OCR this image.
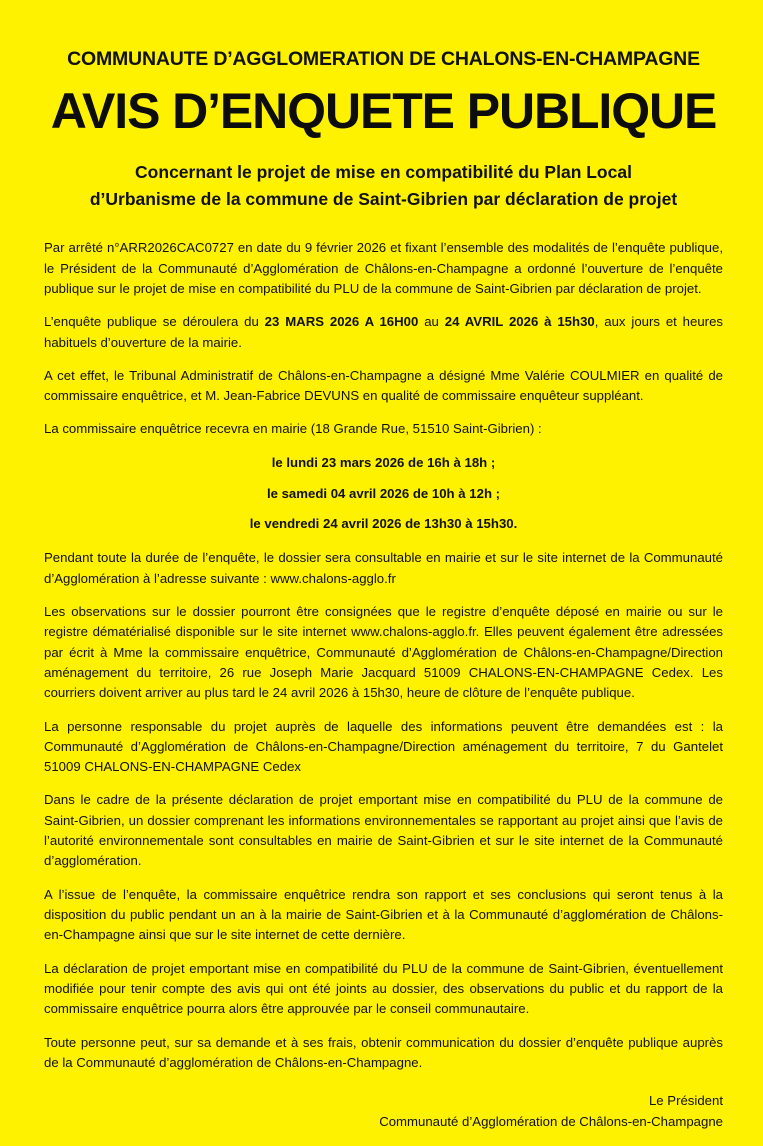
COMMUNAUTE D’AGGLOMERATION DE CHALONS-EN-CHAMPAGNE
AVIS D’ENQUETE PUBLIQUE
Concernant le projet de mise en compatibilité du Plan Local
d’Urbanisme de la commune de Saint-Gibrien par déclaration de projet

Par arrêté n°ARR2026CAC0727 en date du 9 février 2026 et fixant l’ensemble des modalités de l’enquête publique, le Président de la Communauté d’Agglomération de Châlons-en-Champagne a ordonné l’ouverture de l’enquête publique sur le projet de mise en compatibilité du PLU de la commune de Saint-Gibrien par déclaration de projet.

L’enquête publique se déroulera du 23 MARS 2026 A 16H00 au 24 AVRIL 2026 à 15h30, aux jours et heures habituels d’ouverture de la mairie.

A cet effet, le Tribunal Administratif de Châlons-en-Champagne a désigné Mme Valérie COULMIER en qualité de commissaire enquêtrice, et M. Jean-Fabrice DEVUNS en qualité de commissaire enquêteur suppléant.

La commissaire enquêtrice recevra en mairie (18 Grande Rue, 51510 Saint-Gibrien) :

le lundi 23 mars 2026 de 16h à 18h ;
le samedi 04 avril 2026 de 10h à 12h ;
le vendredi 24 avril 2026 de 13h30 à 15h30.

Pendant toute la durée de l’enquête, le dossier sera consultable en mairie et sur le site internet de la Communauté d’Agglomération à l’adresse suivante : www.chalons-agglo.fr

Les observations sur le dossier pourront être consignées que le registre d’enquête déposé en mairie ou sur le registre dématérialisé disponible sur le site internet www.chalons-agglo.fr. Elles peuvent également être adressées par écrit à Mme la commissaire enquêtrice, Communauté d’Agglomération de Châlons-en-Champagne/Direction aménagement du territoire, 26 rue Joseph Marie Jacquard 51009 CHALONS-EN-CHAMPAGNE Cedex. Les courriers doivent arriver au plus tard le 24 avril 2026 à 15h30, heure de clôture de l’enquête publique.

La personne responsable du projet auprès de laquelle des informations peuvent être demandées est : la Communauté d’Agglomération de Châlons-en-Champagne/Direction aménagement du territoire, 7 du Gantelet 51009 CHALONS-EN-CHAMPAGNE Cedex

Dans le cadre de la présente déclaration de projet emportant mise en compatibilité du PLU de la commune de Saint-Gibrien, un dossier comprenant les informations environnementales se rapportant au projet ainsi que l’avis de l’autorité environnementale sont consultables en mairie de Saint-Gibrien et sur le site internet de la Communauté d’agglomération.

A l’issue de l’enquête, la commissaire enquêtrice rendra son rapport et ses conclusions qui seront tenus à la disposition du public pendant un an à la mairie de Saint-Gibrien et à la Communauté d’agglomération de Châlons-en-Champagne ainsi que sur le site internet de cette dernière.

La déclaration de projet emportant mise en compatibilité du PLU de la commune de Saint-Gibrien, éventuellement modifiée pour tenir compte des avis qui ont été joints au dossier, des observations du public et du rapport de la commissaire enquêtrice pourra alors être approuvée par le conseil communautaire.

Toute personne peut, sur sa demande et à ses frais, obtenir communication du dossier d’enquête publique auprès de la Communauté d’agglomération de Châlons-en-Champagne.

Le Président
Communauté d’Agglomération de Châlons-en-Champagne
